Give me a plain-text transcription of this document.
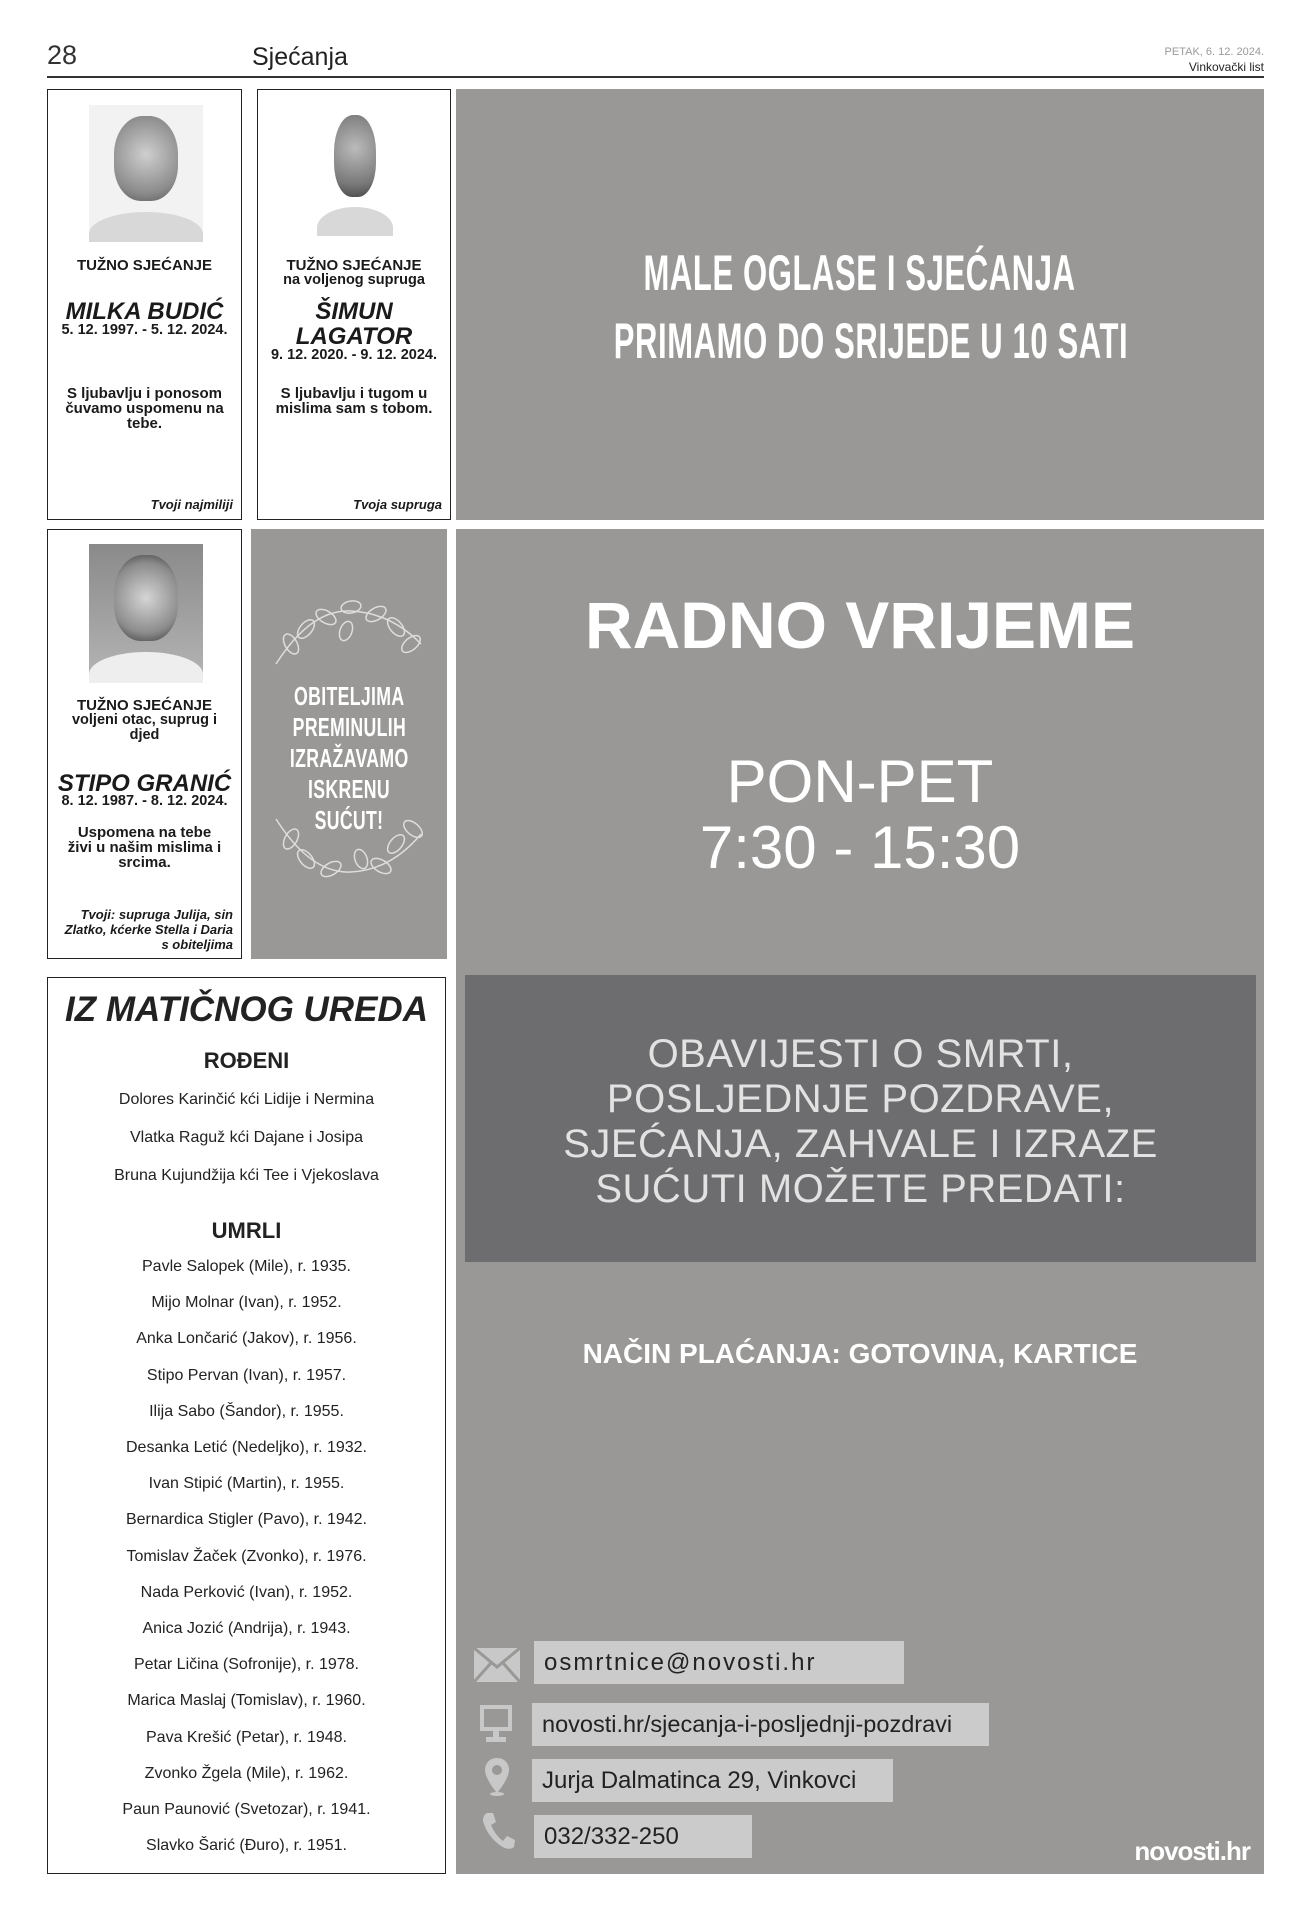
28	Sjećanja	PETAK, 6. 12. 2024.
Vinkovački list
TUŽNO SJEĆANJE
MILKA BUDIĆ
5. 12. 1997. - 5. 12. 2024.
S ljubavlju i ponosom čuvamo uspomenu na tebe.
Tvoji najmiliji
TUŽNO SJEĆANJE
na voljenog supruga
ŠIMUN LAGATOR
9. 12. 2020. - 9. 12. 2024.
S ljubavlju i tugom u mislima sam s tobom.
Tvoja supruga
MALE OGLASE I SJEĆANJA
PRIMAMO DO SRIJEDE U 10 SATI
TUŽNO SJEĆANJE
voljeni otac, suprug i djed
STIPO GRANIĆ
8. 12. 1987. - 8. 12. 2024.
Uspomena na tebe živi u našim mislima i srcima.
Tvoji: supruga Julija, sin Zlatko, kćerke Stella i Daria s obiteljima
OBITELJIMA
PREMINULIH
IZRAŽAVAMO
ISKRENU SUĆUT!
RADNO VRIJEME
PON-PET
7:30 - 15:30
NAČIN PLAĆANJA: GOTOVINA, KARTICE
osmrtnice@novosti.hr
novosti.hr/sjecanja-i-posljednji-pozdravi
Jurja Dalmatinca 29, Vinkovci
032/332-250	novosti.hr
OBAVIJESTI O SMRTI,
POSLJEDNJE POZDRAVE,
SJEĆANJA, ZAHVALE I IZRAZE
SUĆUTI MOŽETE PREDATI:
IZ MATIČNOG UREDA
ROĐENI
Dolores Karinčić kći Lidije i Nermina
Vlatka Raguž kći Dajane i Josipa
Bruna Kujundžija kći Tee i Vjekoslava
UMRLI
Pavle Salopek (Mile), r. 1935.
Mijo Molnar (Ivan), r. 1952.
Anka Lončarić (Jakov), r. 1956.
Stipo Pervan (Ivan), r. 1957.
Ilija Sabo (Šandor), r. 1955.
Desanka Letić (Nedeljko), r. 1932.
Ivan Stipić (Martin), r. 1955.
Bernardica Stigler (Pavo), r. 1942.
Tomislav Žaček (Zvonko), r. 1976.
Nada Perković (Ivan), r. 1952.
Anica Jozić (Andrija), r. 1943.
Petar Ličina (Sofronije), r. 1978.
Marica Maslaj (Tomislav), r. 1960.
Pava Krešić (Petar), r. 1948.
Zvonko Žgela (Mile), r. 1962.
Paun Paunović (Svetozar), r. 1941.
Slavko Šarić (Đuro), r. 1951.
